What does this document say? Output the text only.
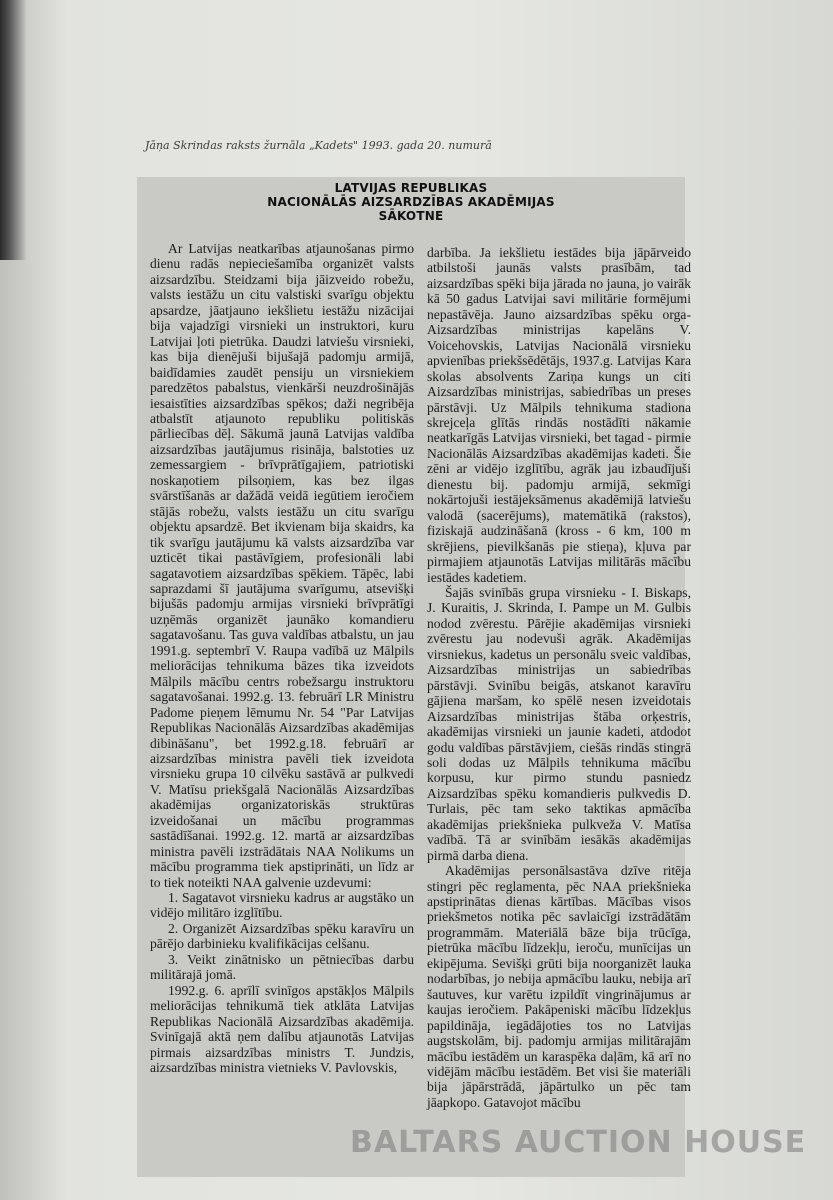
Jāņa Skrindas raksts žurnāla „Kadets" 1993. gada 20. numurā
LATVIJAS REPUBLIKAS
NACIONĀLĀS AIZSARDZĪBAS AKADĒMIJAS
SĀKOTNE

Ar Latvijas neatkarības atjaunošanas pirmo dienu radās nepieciešamība organizēt valsts aizsardzību. Steidzami bija jāizveido robežu, valsts iestāžu un citu valstiski svarīgu objektu apsardze, jāatjauno iekšlietu iestāžu nizācijai bija vajadzīgi virsnieki un instruktori, kuru Latvijai ļoti pietrūka. Daudzi latviešu virsnieki, kas bija dienējuši bijušajā padomju armijā, baidīdamies zaudēt pensiju un virsniekiem paredzētos pabalstus, vienkārši neuzdrošinājās iesaistīties aizsardzības spēkos; daži negribēja atbalstīt atjaunoto republiku politiskās pārliecības dēļ. Sākumā jaunā Latvijas valdība aizsardzības jautājumus risināja, balstoties uz zemessargiem - brīvprātīgajiem, patriotiski noskaņotiem pilsoņiem, kas bez ilgas svārstīšanās ar dažādā veidā iegūtiem ieročiem stājās robežu, valsts iestāžu un citu svarīgu objektu apsardzē. Bet ikvienam bija skaidrs, ka tik svarīgu jautājumu kā valsts aizsardzība var uzticēt tikai pastāvīgiem, profesionāli labi sagatavotiem aizsardzības spēkiem. Tāpēc, labi saprazdami šī jautājuma svarīgumu, atsevišķi bijušās padomju armijas virsnieki brīvprātīgi uzņēmās organizēt jaunāko komandieru sagatavošanu. Tas guva valdības atbalstu, un jau 1991.g. septembrī V. Raupa vadībā uz Mālpils meliorācijas tehnikuma bāzes tika izveidots Mālpils mācību centrs robežsargu instruktoru sagatavošanai. 1992.g. 13. februārī LR Ministru Padome pieņem lēmumu Nr. 54 "Par Latvijas Republikas Nacionālās Aizsardzības akadēmijas dibināšanu", bet 1992.g.18. februārī ar aizsardzības ministra pavēli tiek izveidota virsnieku grupa 10 cilvēku sastāvā ar pulkvedi V. Matīsu priekšgalā Nacionālās Aizsardzības akadēmijas organizatoriskās struktūras izveidošanai un mācību programmas sastādīšanai. 1992.g. 12. martā ar aizsardzības ministra pavēli izstrādātais NAA Nolikums un mācību programma tiek apstiprināti, un līdz ar to tiek noteikti NAA galvenie uzdevumi:

1. Sagatavot virsnieku kadrus ar augstāko un vidējo militāro izglītību.

2. Organizēt Aizsardzības spēku karavīru un pārējo darbinieku kvalifikācijas celšanu.

3. Veikt zinātnisko un pētniecības darbu militārajā jomā.

1992.g. 6. aprīlī svinīgos apstākļos Mālpils meliorācijas tehnikumā tiek atklāta Latvijas Republikas Nacionālā Aizsardzības akadēmija. Svinīgajā aktā ņem dalību atjaunotās Latvijas pirmais aizsardzības ministrs T. Jundzis, aizsardzības ministra vietnieks V. Pavlovskis,

darbība. Ja iekšlietu iestādes bija jāpārveido atbilstoši jaunās valsts prasībām, tad aizsardzības spēki bija jārada no jauna, jo vairāk kā 50 gadus Latvijai savi militārie formējumi nepastāvēja. Jauno aizsardzības spēku orga- Aizsardzības ministrijas kapelāns V. Voicehovskis, Latvijas Nacionālā virsnieku apvienības priekšsēdētājs, 1937.g. Latvijas Kara skolas absolvents Zariņa kungs un citi Aizsardzības ministrijas, sabiedrības un preses pārstāvji. Uz Mālpils tehnikuma stadiona skrejceļa glītās rindās nostādīti nākamie neatkarīgās Latvijas virsnieki, bet tagad - pirmie Nacionālās Aizsardzības akadēmijas kadeti. Šie zēni ar vidējo izglītību, agrāk jau izbaudījuši dienestu bij. padomju armijā, sekmīgi nokārtojuši iestājeksāmenus akadēmijā latviešu valodā (sacerējums), matemātikā (rakstos), fiziskajā audzināšanā (kross - 6 km, 100 m skrējiens, pievilkšanās pie stieņa), kļuva par pirmajiem atjaunotās Latvijas militārās mācību iestādes kadetiem.

Šajās svinībās grupa virsnieku - I. Biskaps, J. Kuraitis, J. Skrinda, I. Pampe un M. Gulbis nodod zvērestu. Pārējie akadēmijas virsnieki zvērestu jau nodevuši agrāk. Akadēmijas virsniekus, kadetus un personālu sveic valdības, Aizsardzības ministrijas un sabiedrības pārstāvji. Svinību beigās, atskanot karavīru gājiena maršam, ko spēlē nesen izveidotais Aizsardzības ministrijas štāba orķestris, akadēmijas virsnieki un jaunie kadeti, atdodot godu valdības pārstāvjiem, ciešās rindās stingrā soli dodas uz Mālpils tehnikuma mācību korpusu, kur pirmo stundu pasniedz Aizsardzības spēku komandieris pulkvedis D. Turlais, pēc tam seko taktikas apmācība akadēmijas priekšnieka pulkveža V. Matīsa vadībā. Tā ar svinībām iesākās akadēmijas pirmā darba diena.

Akadēmijas personālsastāva dzīve ritēja stingri pēc reglamenta, pēc NAA priekšnieka apstiprinātas dienas kārtības. Mācības visos priekšmetos notika pēc savlaicīgi izstrādātām programmām. Materiālā bāze bija trūcīga, pietrūka mācību līdzekļu, ieroču, munīcijas un ekipējuma. Sevišķi grūti bija noorganizēt lauka nodarbības, jo nebija apmācību lauku, nebija arī šautuves, kur varētu izpildīt vingrinājumus ar kaujas ieročiem. Pakāpeniski mācību līdzekļus papildināja, iegādājoties tos no Latvijas augstskolām, bij. padomju armijas militārajām mācību iestādēm un karaspēka daļām, kā arī no vidējām mācību iestādēm. Bet visi šie materiāli bija jāpārstrādā, jāpārtulko un pēc tam jāapkopo. Gatavojot mācību

BALTARS AUCTION HOUSE
